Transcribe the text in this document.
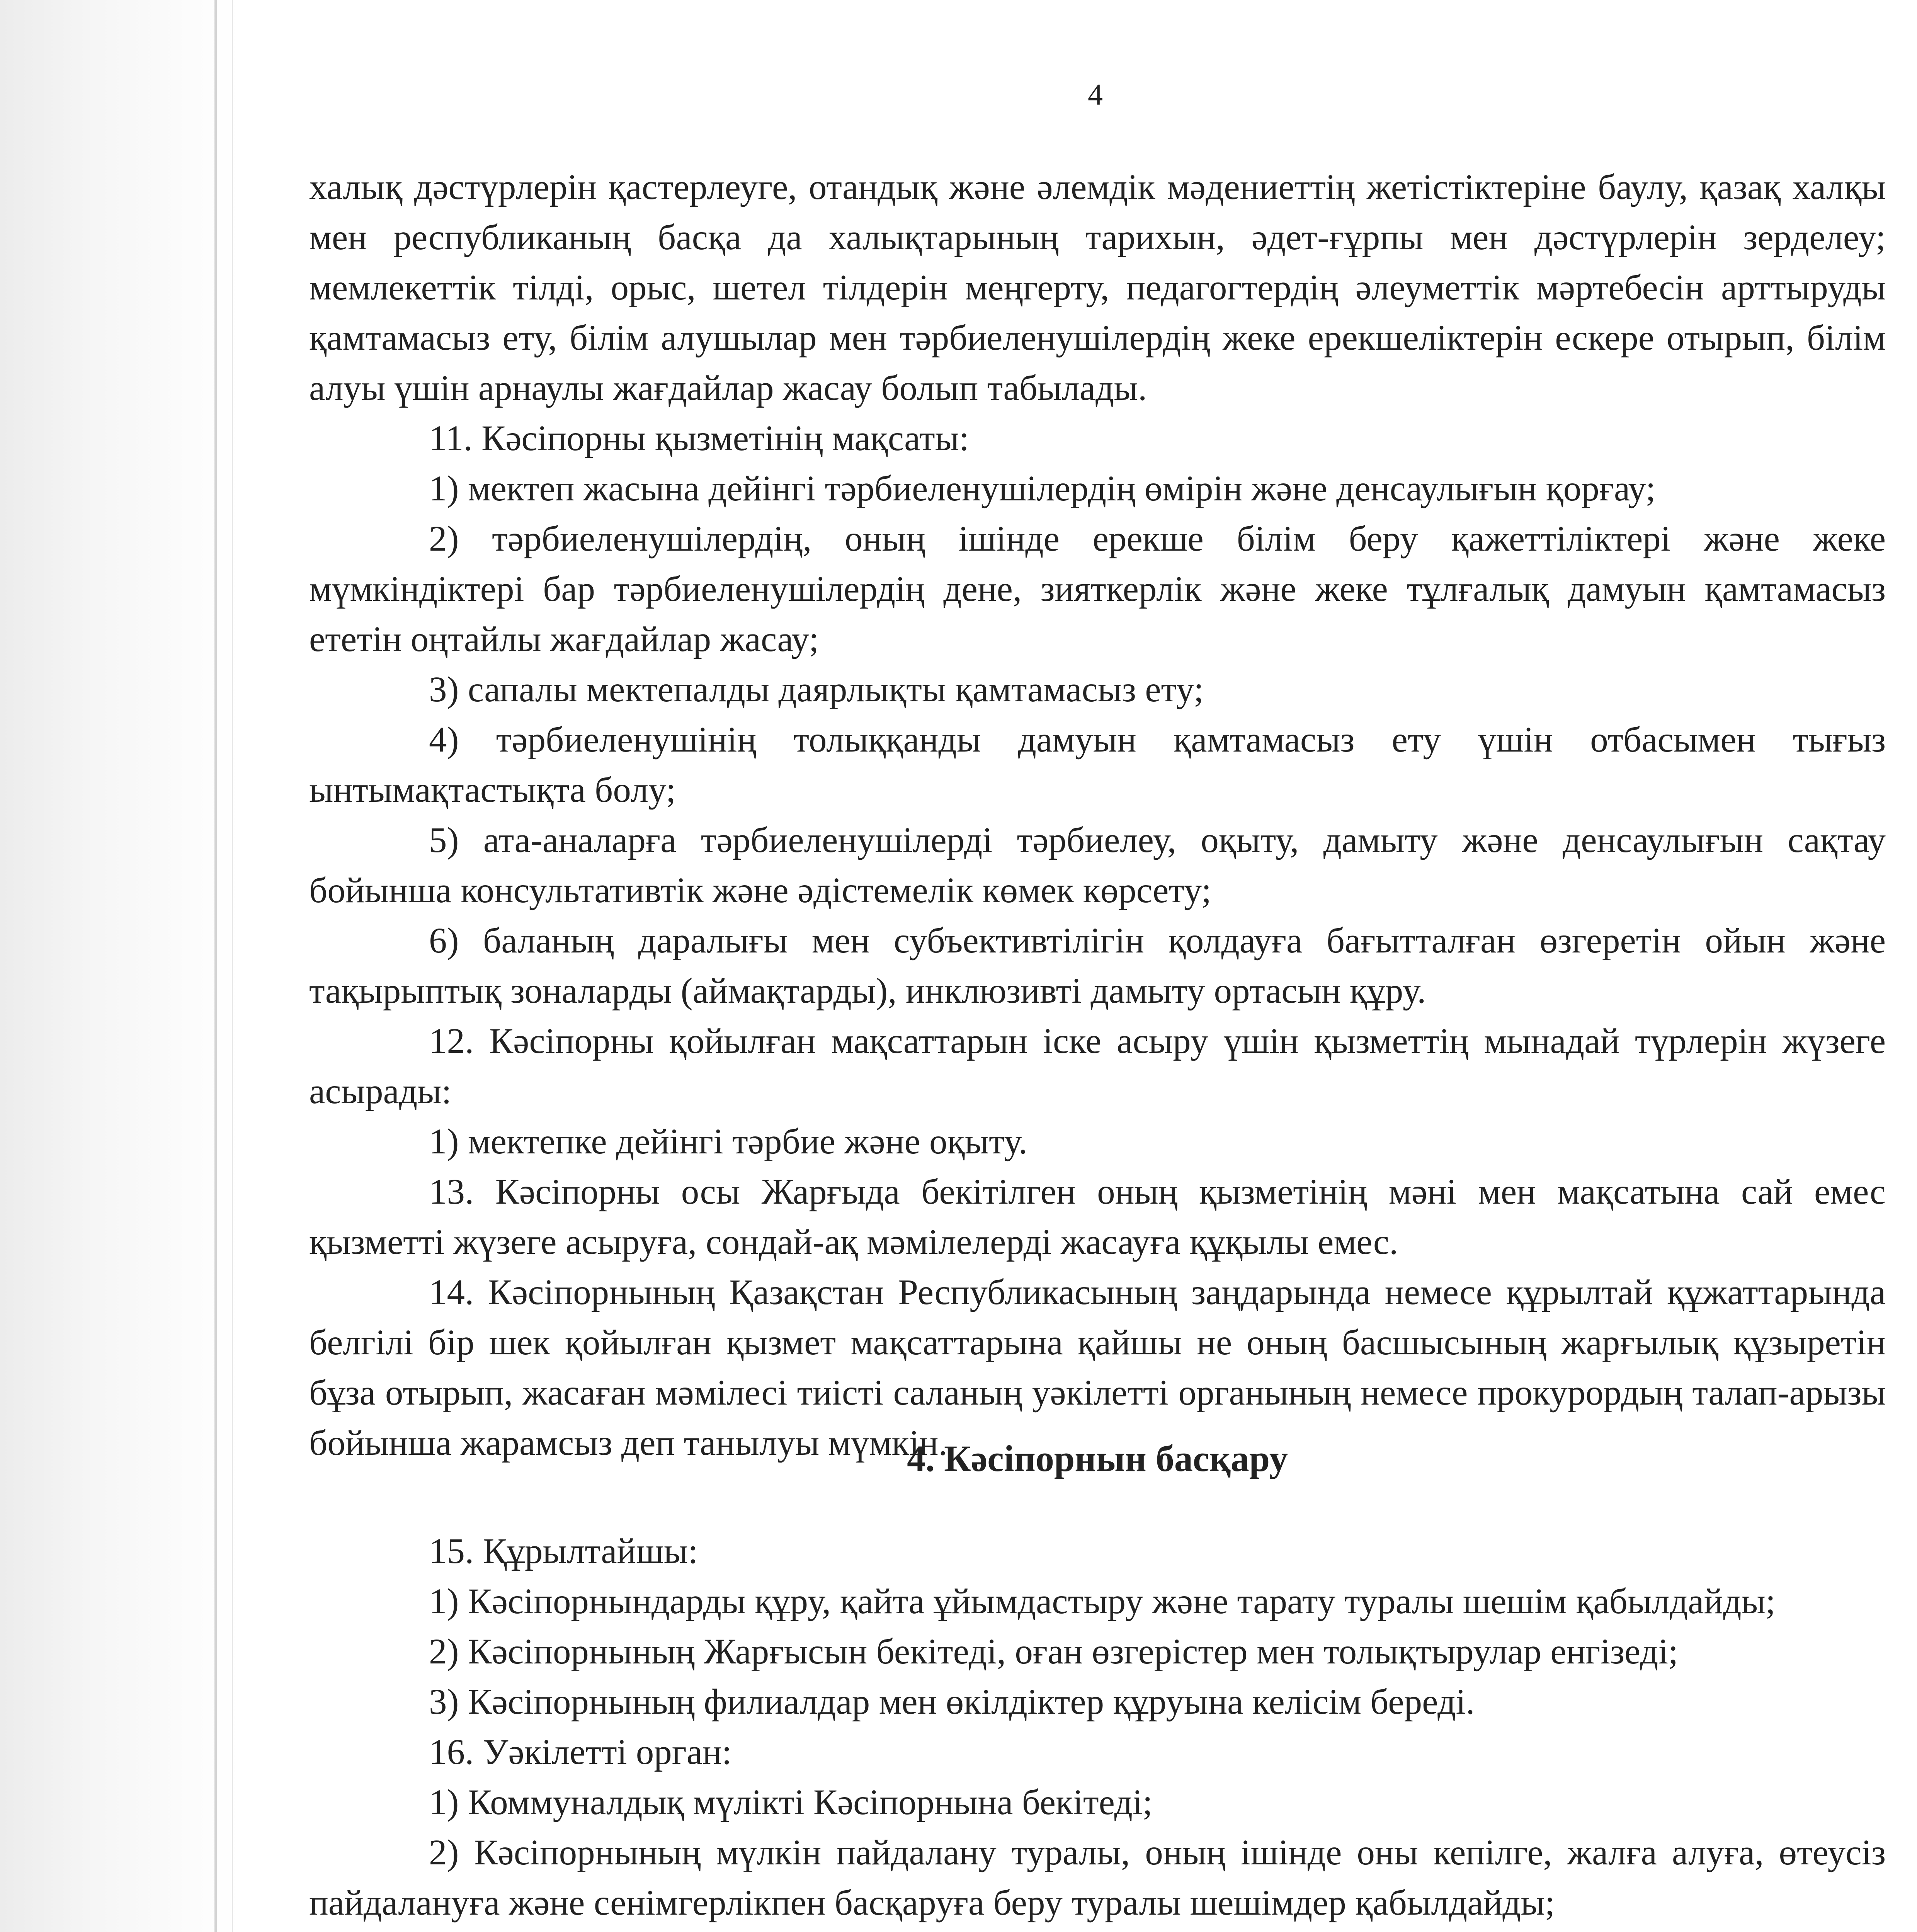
4

халық дәстүрлерін қастерлеуге, отандық және әлемдік мәдениеттің жетістіктеріне баулу, қазақ халқы мен республиканың басқа да халықтарының тарихын, әдет-ғұрпы мен дәстүрлерін зерделеу; мемлекеттік тілді, орыс, шетел тілдерін меңгерту, педагогтердің әлеуметтік мәртебесін арттыруды қамтамасыз ету, білім алушылар мен тәрбиеленушілердің жеке ерекшеліктерін ескере отырып, білім алуы үшін арнаулы жағдайлар жасау болып табылады.

11. Кәсіпорны қызметінің мақсаты:

1) мектеп жасына дейінгі тәрбиеленушілердің өмірін және денсаулығын қорғау;

2) тәрбиеленушілердің, оның ішінде ерекше білім беру қажеттіліктері және жеке мүмкіндіктері бар тәрбиеленушілердің дене, зияткерлік және жеке тұлғалық дамуын қамтамасыз ететін оңтайлы жағдайлар жасау;

3) сапалы мектепалды даярлықты қамтамасыз ету;

4) тәрбиеленушінің толыққанды дамуын қамтамасыз ету үшін отбасымен тығыз ынтымақтастықта болу;

5) ата-аналарға тәрбиеленушілерді тәрбиелеу, оқыту, дамыту және денсаулығын сақтау бойынша консультативтік және әдістемелік көмек көрсету;

6) баланың даралығы мен субъективтілігін қолдауға бағытталған өзгеретін ойын және тақырыптық зоналарды (аймақтарды), инклюзивті дамыту ортасын құру.

12. Кәсіпорны қойылған мақсаттарын іске асыру үшін қызметтің мынадай түрлерін жүзеге асырады:

1) мектепке дейінгі тәрбие және оқыту.

13. Кәсіпорны осы Жарғыда бекітілген оның қызметінің мәні мен мақсатына сай емес қызметті жүзеге асыруға, сондай-ақ мәмілелерді жасауға құқылы емес.

14. Кәсіпорнының Қазақстан Республикасының заңдарында немесе құрылтай құжаттарында белгілі бір шек қойылған қызмет мақсаттарына қайшы не оның басшысының жарғылық құзыретін бұза отырып, жасаған мәмілесі тиісті саланың уәкілетті органының немесе прокурордың талап-арызы бойынша жарамсыз деп танылуы мүмкін.

4. Кәсіпорнын басқару

15. Құрылтайшы:

1) Кәсіпорнындарды құру, қайта ұйымдастыру және тарату туралы шешім қабылдайды;

2) Кәсіпорнының Жарғысын бекітеді, оған өзгерістер мен толықтырулар енгізеді;

3) Кәсіпорнының филиалдар мен өкілдіктер құруына келісім береді.

16. Уәкілетті орган:

1) Коммуналдық мүлікті Кәсіпорнына бекітеді;

2) Кәсіпорнының мүлкін пайдалану туралы, оның ішінде оны кепілге, жалға алуға, өтеусіз пайдалануға және сенімгерлікпен басқаруға беру туралы шешімдер қабылдайды;
